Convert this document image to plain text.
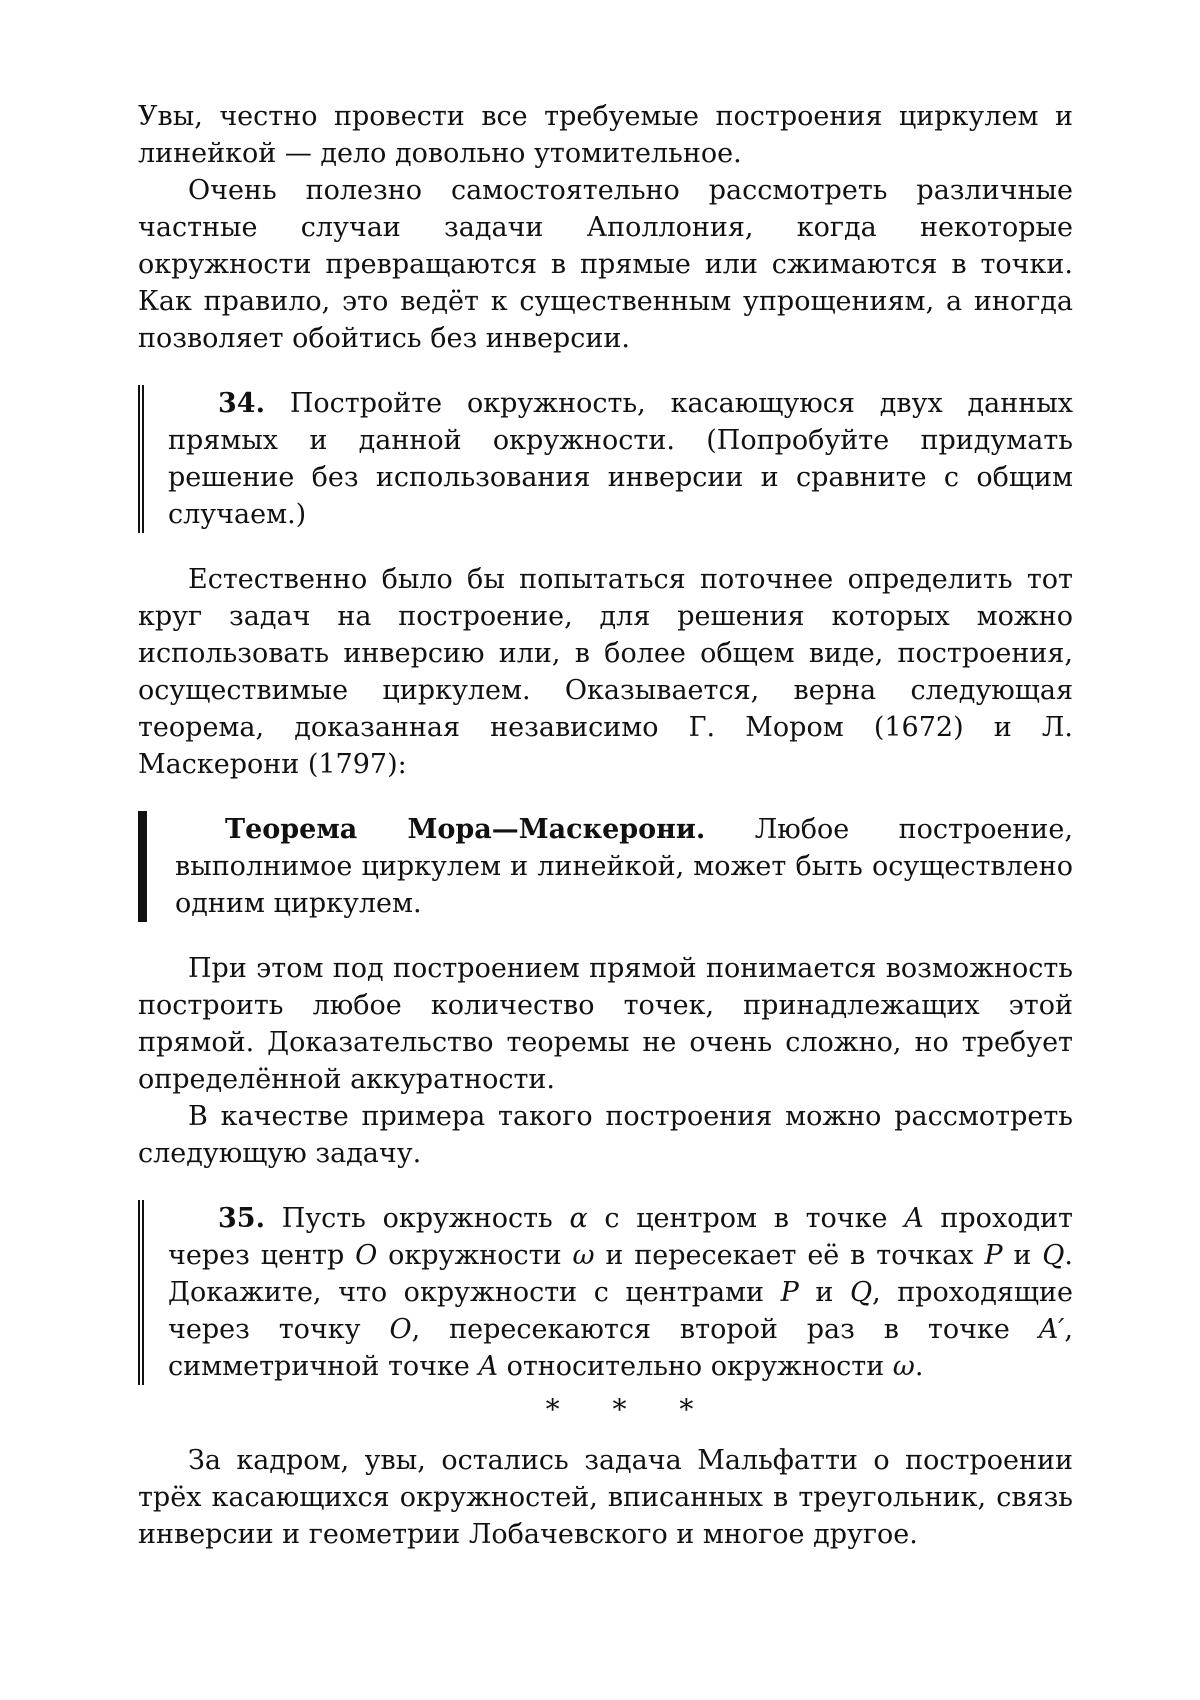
Увы, честно провести все требуемые построения циркулем и линейкой — дело довольно утомительное.

Очень полезно самостоятельно рассмотреть различные частные случаи задачи Аполлония, когда некоторые окружности превращаются в прямые или сжимаются в точки. Как правило, это ведёт к существенным упрощениям, а иногда позволяет обойтись без инверсии.

34. Постройте окружность, касающуюся двух данных прямых и данной окружности. (Попробуйте придумать решение без использования инверсии и сравните с общим случаем.)

Естественно было бы попытаться поточнее определить тот круг задач на построение, для решения которых можно использовать инверсию или, в более общем виде, построения, осуществимые циркулем. Оказывается, верна следующая теорема, доказанная независимо Г. Мором (1672) и Л. Маскерони (1797):

Теорема Мора—Маскерони. Любое построение, выполнимое циркулем и линейкой, может быть осуществлено одним циркулем.

При этом под построением прямой понимается возможность построить любое количество точек, принадлежащих этой прямой. Доказательство теоремы не очень сложно, но требует определённой аккуратности.

В качестве примера такого построения можно рассмотреть следующую задачу.

35. Пусть окружность α с центром в точке A проходит через центр O окружности ω и пересекает её в точках P и Q. Докажите, что окружности с центрами P и Q, проходящие через точку O, пересекаются второй раз в точке A′, симметричной точке A относительно окружности ω.

* * *

За кадром, увы, остались задача Мальфатти о построении трёх касающихся окружностей, вписанных в треугольник, связь инверсии и геометрии Лобачевского и многое другое.
